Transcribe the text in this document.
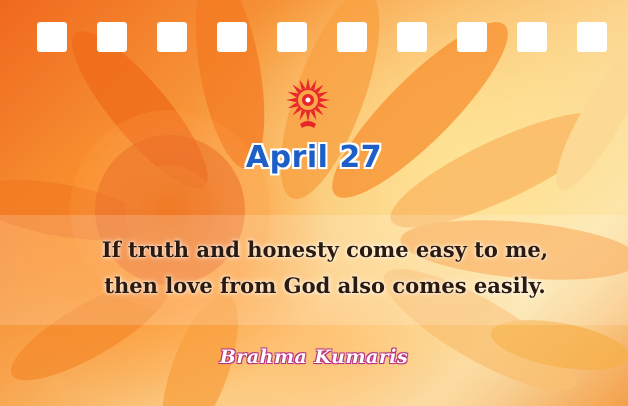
April 27
If truth and honesty come easy to me,
then love from God also comes easily.
Brahma Kumaris
